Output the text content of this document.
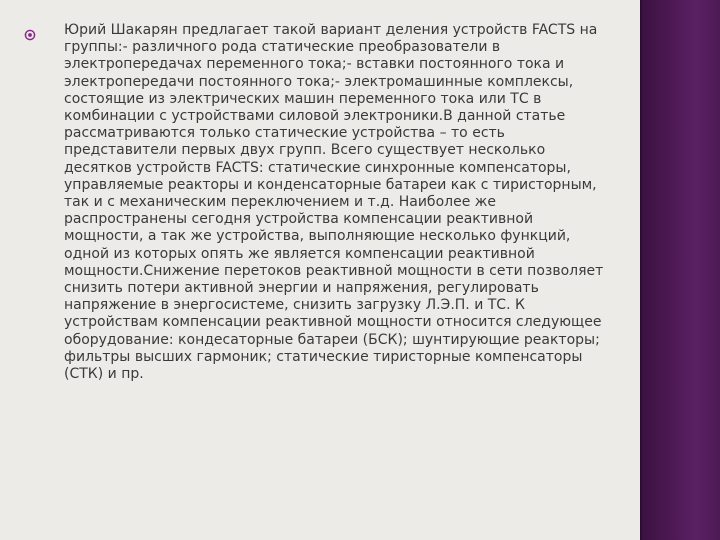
Юрий Шакарян предлагает такой вариант деления устройств FACTS на группы:- различного рода статические преобразователи в электропередачах переменного тока;- вставки постоянного тока и электропередачи постоянного тока;- электромашинные комплексы, состоящие из электрических машин переменного тока или ТС в комбинации с устройствами силовой электроники.В данной статье рассматриваются только статические устройства – то есть представители первых двух групп. Всего существует несколько десятков устройств FACTS: статические синхронные компенсаторы, управляемые реакторы и конденсаторные батареи как с тиристорным, так и с механическим переключением и т.д. Наиболее же распространены сегодня устройства компенсации реактивной мощности, а так же устройства, выполняющие несколько функций, одной из которых опять же является компенсации реактивной мощности.Снижение перетоков реактивной мощности в сети позволяет снизить потери активной энергии и напряжения, регулировать напряжение в энергосистеме, снизить загрузку Л.Э.П. и ТС. К устройствам компенсации реактивной мощности относится следующее оборудование: кондесаторные батареи (БСК); шунтирующие реакторы; фильтры высших гармоник; статические тиристорные компенсаторы (СТК) и пр.
